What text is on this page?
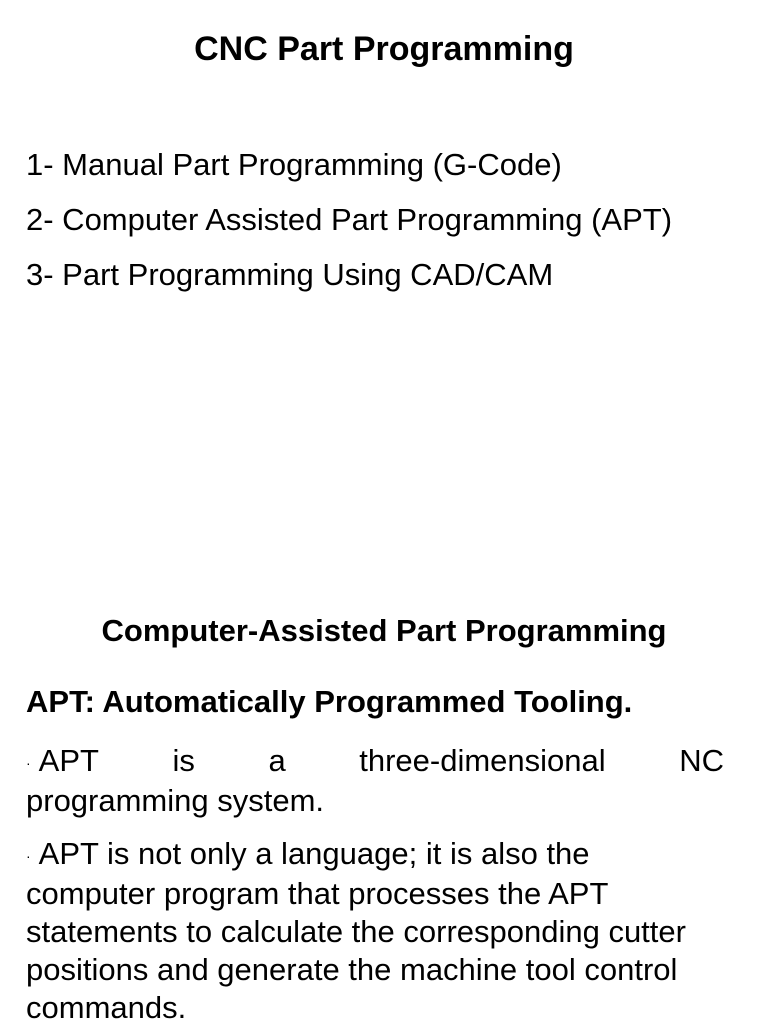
CNC Part Programming
1- Manual Part Programming (G-Code)
2- Computer Assisted Part Programming (APT)
3- Part Programming Using CAD/CAM
Computer-Assisted Part Programming
APT: Automatically Programmed Tooling.
· APT is a three-dimensional NC
programming system.
· APT is not only a language; it is also the computer program that processes the APT statements to calculate the corresponding cutter positions and generate the machine tool control commands.
